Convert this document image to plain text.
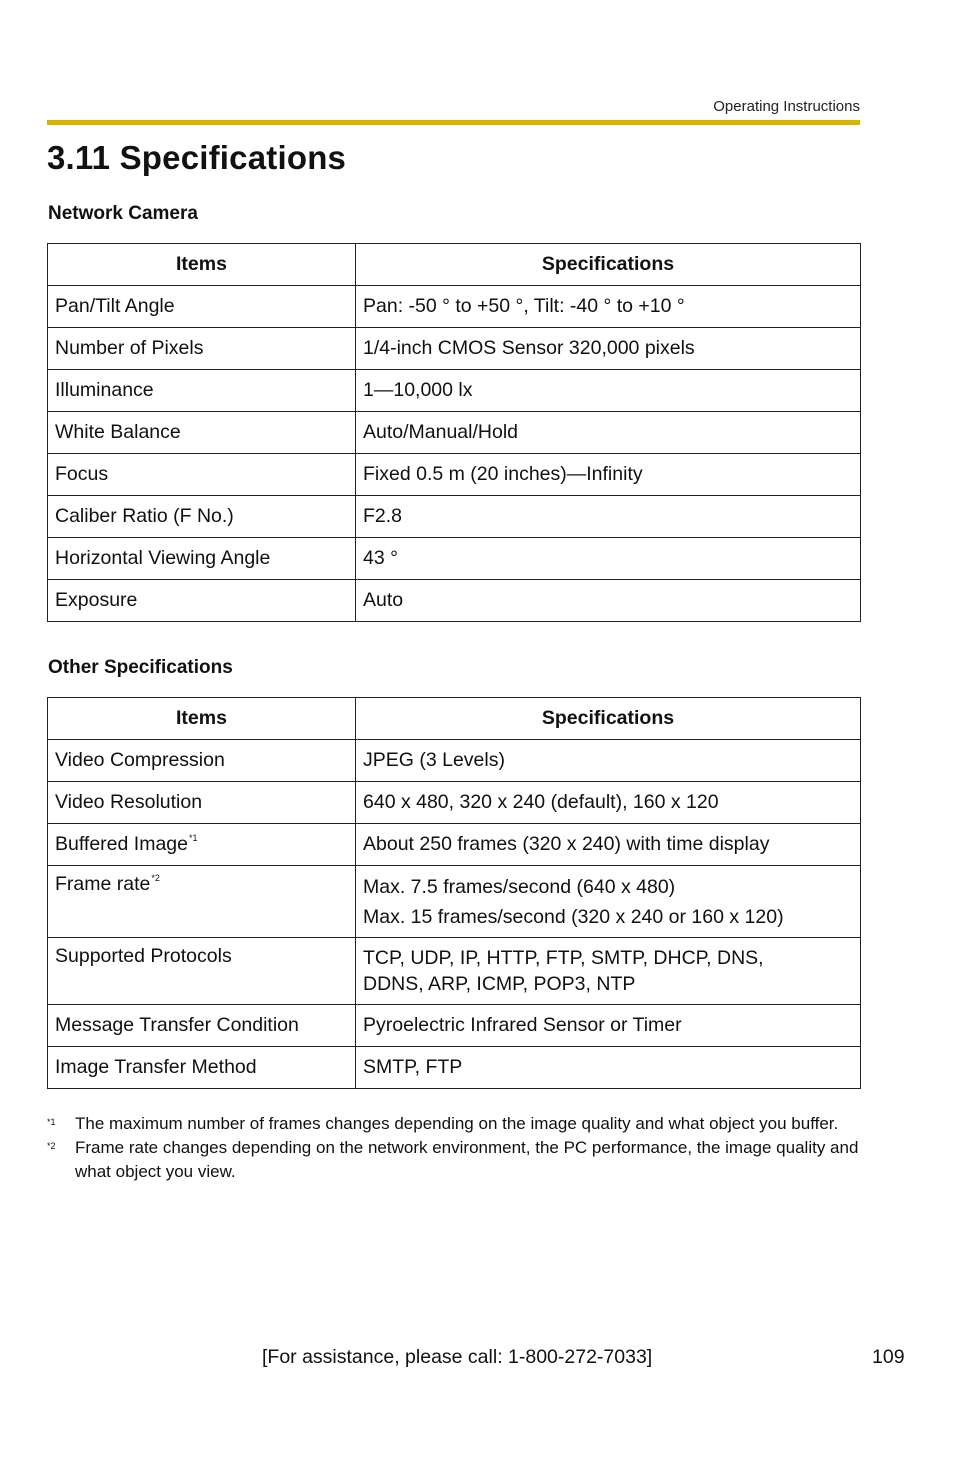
Operating Instructions
3.11 Specifications
Network Camera
Items	Specifications
Pan/Tilt Angle	Pan: -50 ° to +50 °, Tilt: -40 ° to +10 °
Number of Pixels	1/4-inch CMOS Sensor 320,000 pixels
Illuminance	1—10,000 lx
White Balance	Auto/Manual/Hold
Focus	Fixed 0.5 m (20 inches)—Infinity
Caliber Ratio (F No.)	F2.8
Horizontal Viewing Angle	43 °
Exposure	Auto
Other Specifications
Items	Specifications
Video Compression	JPEG (3 Levels)
Video Resolution	640 x 480, 320 x 240 (default), 160 x 120
Buffered Image$^{*1}$	About 250 frames (320 x 240) with time display
Frame rate$^{*2}$	Max. 7.5 frames/second (640 x 480)
Max. 15 frames/second (320 x 240 or 160 x 120)

Supported Protocols	TCP, UDP, IP, HTTP, FTP, SMTP, DHCP, DNS,
DDNS, ARP, ICMP, POP3, NTP

Message Transfer Condition	Pyroelectric Infrared Sensor or Timer
Image Transfer Method	SMTP, FTP

*1 The maximum number of frames changes depending on the image quality and what object you buffer.

*2 Frame rate changes depending on the network environment, the PC performance, the image quality and what object you view.

[For assistance, please call: 1-800-272-7033]	109
